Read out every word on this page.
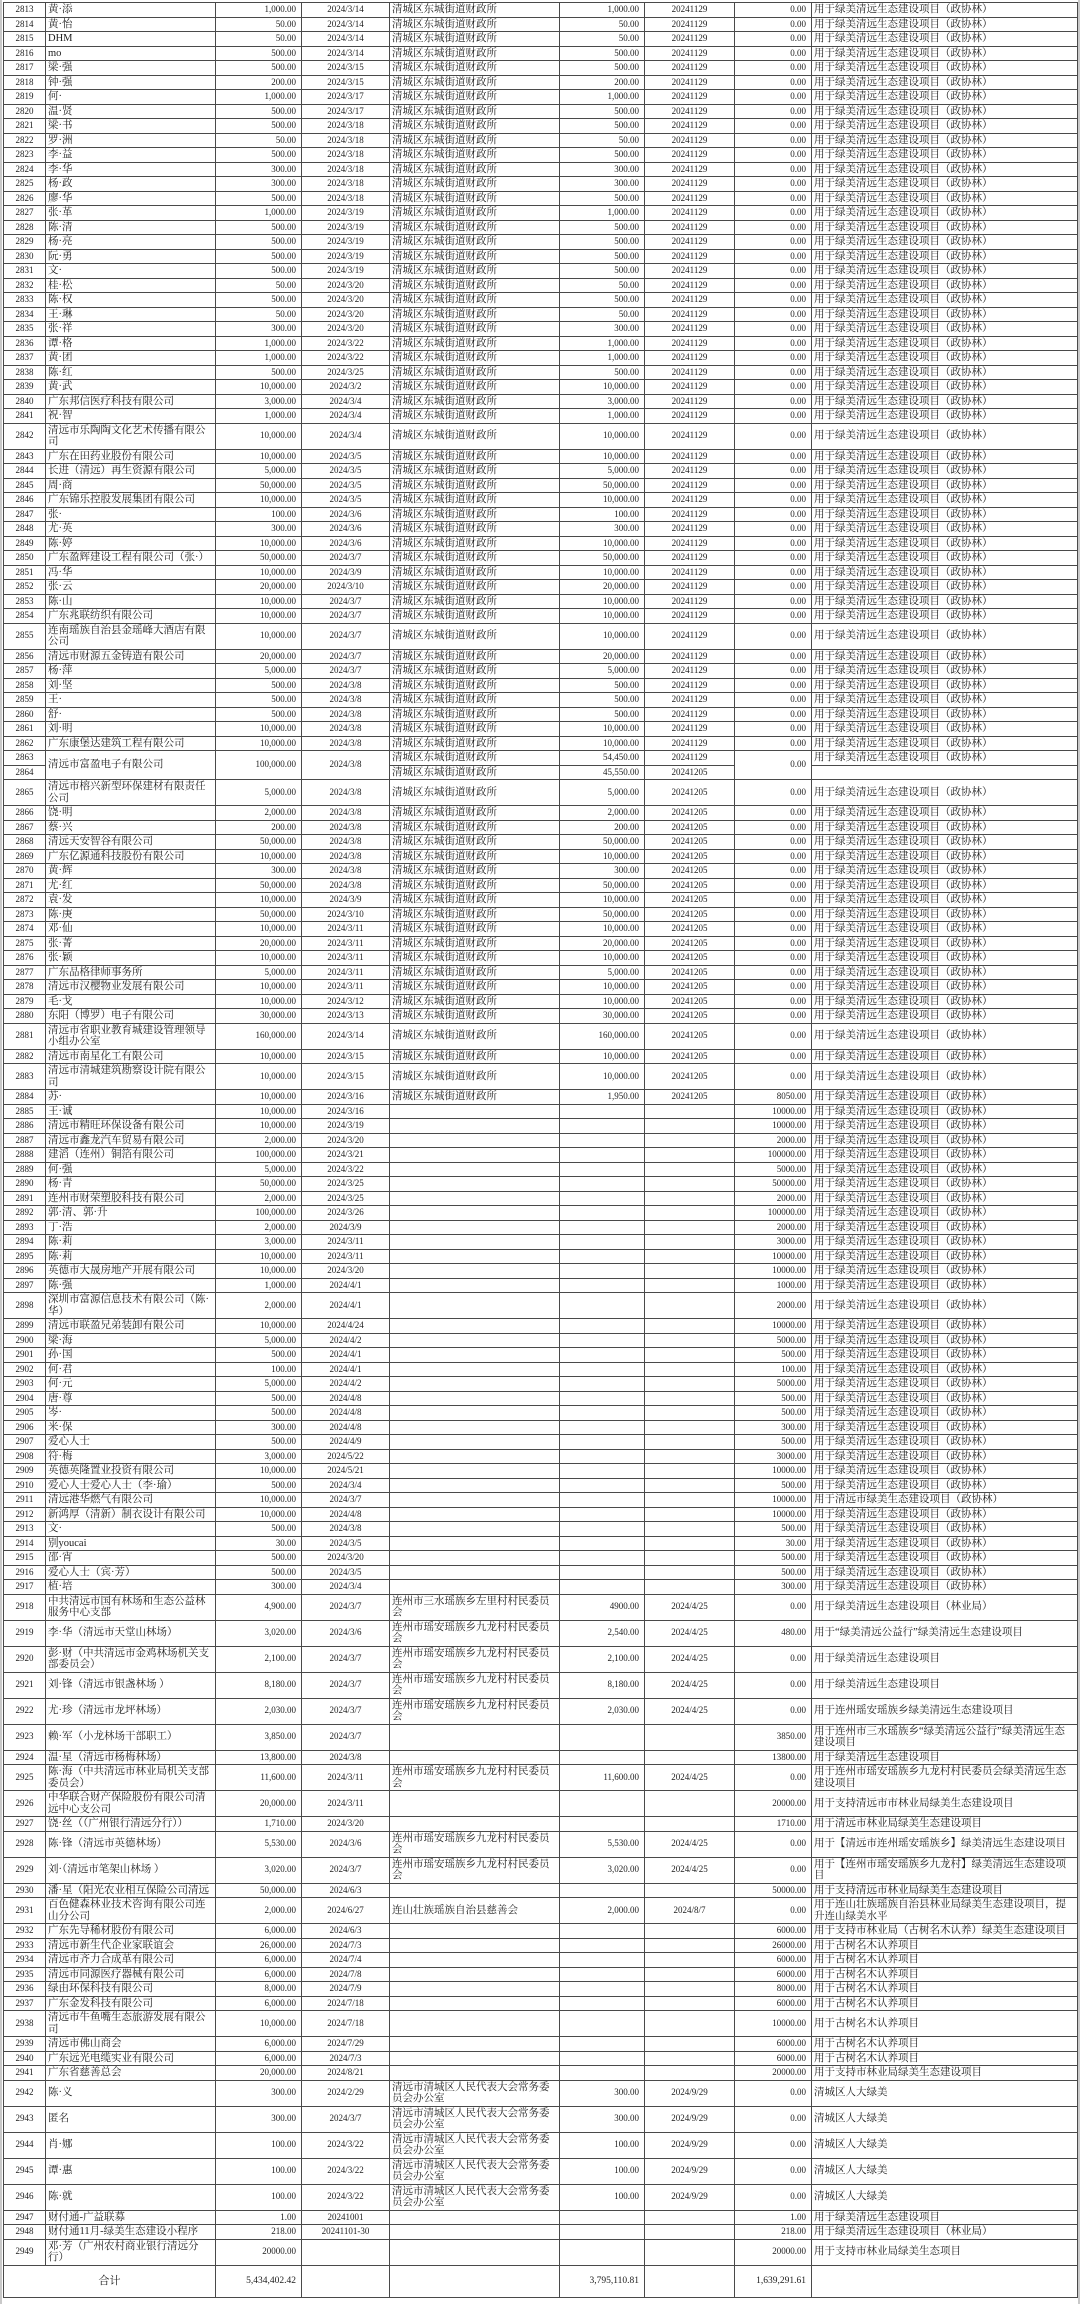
2813	黄·添	1,000.00	2024/3/14	清城区东城街道财政所	1,000.00	20241129	0.00	用于绿美清远生态建设项目（政协林）
2814	黄·怡	50.00	2024/3/14	清城区东城街道财政所	50.00	20241129	0.00	用于绿美清远生态建设项目（政协林）
2815	DHM	50.00	2024/3/14	清城区东城街道财政所	50.00	20241129	0.00	用于绿美清远生态建设项目（政协林）
2816	mo	500.00	2024/3/14	清城区东城街道财政所	500.00	20241129	0.00	用于绿美清远生态建设项目（政协林）
2817	梁·强	500.00	2024/3/15	清城区东城街道财政所	500.00	20241129	0.00	用于绿美清远生态建设项目（政协林）
2818	钟·强	200.00	2024/3/15	清城区东城街道财政所	200.00	20241129	0.00	用于绿美清远生态建设项目（政协林）
2819	何·	1,000.00	2024/3/17	清城区东城街道财政所	1,000.00	20241129	0.00	用于绿美清远生态建设项目（政协林）
2820	温·贤	500.00	2024/3/17	清城区东城街道财政所	500.00	20241129	0.00	用于绿美清远生态建设项目（政协林）
2821	梁·书	500.00	2024/3/18	清城区东城街道财政所	500.00	20241129	0.00	用于绿美清远生态建设项目（政协林）
2822	罗·洲	50.00	2024/3/18	清城区东城街道财政所	50.00	20241129	0.00	用于绿美清远生态建设项目（政协林）
2823	李·益	500.00	2024/3/18	清城区东城街道财政所	500.00	20241129	0.00	用于绿美清远生态建设项目（政协林）
2824	李·华	300.00	2024/3/18	清城区东城街道财政所	300.00	20241129	0.00	用于绿美清远生态建设项目（政协林）
2825	杨·政	300.00	2024/3/18	清城区东城街道财政所	300.00	20241129	0.00	用于绿美清远生态建设项目（政协林）
2826	廖·华	500.00	2024/3/18	清城区东城街道财政所	500.00	20241129	0.00	用于绿美清远生态建设项目（政协林）
2827	张·革	1,000.00	2024/3/19	清城区东城街道财政所	1,000.00	20241129	0.00	用于绿美清远生态建设项目（政协林）
2828	陈·清	500.00	2024/3/19	清城区东城街道财政所	500.00	20241129	0.00	用于绿美清远生态建设项目（政协林）
2829	杨·亮	500.00	2024/3/19	清城区东城街道财政所	500.00	20241129	0.00	用于绿美清远生态建设项目（政协林）
2830	阮·勇	500.00	2024/3/19	清城区东城街道财政所	500.00	20241129	0.00	用于绿美清远生态建设项目（政协林）
2831	文·	500.00	2024/3/19	清城区东城街道财政所	500.00	20241129	0.00	用于绿美清远生态建设项目（政协林）
2832	桂·松	50.00	2024/3/20	清城区东城街道财政所	50.00	20241129	0.00	用于绿美清远生态建设项目（政协林）
2833	陈·权	500.00	2024/3/20	清城区东城街道财政所	500.00	20241129	0.00	用于绿美清远生态建设项目（政协林）
2834	王·琳	50.00	2024/3/20	清城区东城街道财政所	50.00	20241129	0.00	用于绿美清远生态建设项目（政协林）
2835	张·祥	300.00	2024/3/20	清城区东城街道财政所	300.00	20241129	0.00	用于绿美清远生态建设项目（政协林）
2836	谭·格	1,000.00	2024/3/22	清城区东城街道财政所	1,000.00	20241129	0.00	用于绿美清远生态建设项目（政协林）
2837	黄·团	1,000.00	2024/3/22	清城区东城街道财政所	1,000.00	20241129	0.00	用于绿美清远生态建设项目（政协林）
2838	陈·红	500.00	2024/3/25	清城区东城街道财政所	500.00	20241129	0.00	用于绿美清远生态建设项目（政协林）
2839	黄·武	10,000.00	2024/3/2	清城区东城街道财政所	10,000.00	20241129	0.00	用于绿美清远生态建设项目（政协林）
2840	广东邦信医疗科技有限公司	3,000.00	2024/3/4	清城区东城街道财政所	3,000.00	20241129	0.00	用于绿美清远生态建设项目（政协林）
2841	祝·智	1,000.00	2024/3/4	清城区东城街道财政所	1,000.00	20241129	0.00	用于绿美清远生态建设项目（政协林）
2842	清远市乐陶陶文化艺术传播有限公司	10,000.00	2024/3/4	清城区东城街道财政所	10,000.00	20241129	0.00	用于绿美清远生态建设项目（政协林）
2843	广东在田药业股份有限公司	10,000.00	2024/3/5	清城区东城街道财政所	10,000.00	20241129	0.00	用于绿美清远生态建设项目（政协林）
2844	长进（清远）再生资源有限公司	5,000.00	2024/3/5	清城区东城街道财政所	5,000.00	20241129	0.00	用于绿美清远生态建设项目（政协林）
2845	周·商	50,000.00	2024/3/5	清城区东城街道财政所	50,000.00	20241129	0.00	用于绿美清远生态建设项目（政协林）
2846	广东锦乐控股发展集团有限公司	10,000.00	2024/3/5	清城区东城街道财政所	10,000.00	20241129	0.00	用于绿美清远生态建设项目（政协林）
2847	张·	100.00	2024/3/6	清城区东城街道财政所	100.00	20241129	0.00	用于绿美清远生态建设项目（政协林）
2848	尤·英	300.00	2024/3/6	清城区东城街道财政所	300.00	20241129	0.00	用于绿美清远生态建设项目（政协林）
2849	陈·婷	10,000.00	2024/3/6	清城区东城街道财政所	10,000.00	20241129	0.00	用于绿美清远生态建设项目（政协林）
2850	广东盈辉建设工程有限公司（张·）	50,000.00	2024/3/7	清城区东城街道财政所	50,000.00	20241129	0.00	用于绿美清远生态建设项目（政协林）
2851	冯·华	10,000.00	2024/3/9	清城区东城街道财政所	10,000.00	20241129	0.00	用于绿美清远生态建设项目（政协林）
2852	张·云	20,000.00	2024/3/10	清城区东城街道财政所	20,000.00	20241129	0.00	用于绿美清远生态建设项目（政协林）
2853	陈·山	10,000.00	2024/3/7	清城区东城街道财政所	10,000.00	20241129	0.00	用于绿美清远生态建设项目（政协林）
2854	广东兆联纺织有限公司	10,000.00	2024/3/7	清城区东城街道财政所	10,000.00	20241129	0.00	用于绿美清远生态建设项目（政协林）
2855	连南瑶族自治县金瑶峰大酒店有限公司	10,000.00	2024/3/7	清城区东城街道财政所	10,000.00	20241129	0.00	用于绿美清远生态建设项目（政协林）
2856	清远市财源五金铸造有限公司	20,000.00	2024/3/7	清城区东城街道财政所	20,000.00	20241129	0.00	用于绿美清远生态建设项目（政协林）
2857	杨·萍	5,000.00	2024/3/7	清城区东城街道财政所	5,000.00	20241129	0.00	用于绿美清远生态建设项目（政协林）
2858	刘·坚	500.00	2024/3/8	清城区东城街道财政所	500.00	20241129	0.00	用于绿美清远生态建设项目（政协林）
2859	王·	500.00	2024/3/8	清城区东城街道财政所	500.00	20241129	0.00	用于绿美清远生态建设项目（政协林）
2860	舒·	500.00	2024/3/8	清城区东城街道财政所	500.00	20241129	0.00	用于绿美清远生态建设项目（政协林）
2861	刘·明	10,000.00	2024/3/8	清城区东城街道财政所	10,000.00	20241129	0.00	用于绿美清远生态建设项目（政协林）
2862	广东康堡达建筑工程有限公司	10,000.00	2024/3/8	清城区东城街道财政所	10,000.00	20241129	0.00	用于绿美清远生态建设项目（政协林）
2863	清远市富盈电子有限公司	100,000.00	2024/3/8	清城区东城街道财政所	54,450.00	20241129	0.00	用于绿美清远生态建设项目（政协林）
2864				清城区东城街道财政所	45,550.00	20241205		
2865	清远市榕兴新型环保建材有限责任公司	5,000.00	2024/3/8	清城区东城街道财政所	5,000.00	20241205	0.00	用于绿美清远生态建设项目（政协林）
2866	饶·明	2,000.00	2024/3/8	清城区东城街道财政所	2,000.00	20241205	0.00	用于绿美清远生态建设项目（政协林）
2867	蔡·兴	200.00	2024/3/8	清城区东城街道财政所	200.00	20241205	0.00	用于绿美清远生态建设项目（政协林）
2868	清远天安智谷有限公司	50,000.00	2024/3/8	清城区东城街道财政所	50,000.00	20241205	0.00	用于绿美清远生态建设项目（政协林）
2869	广东亿源通科技股份有限公司	10,000.00	2024/3/8	清城区东城街道财政所	10,000.00	20241205	0.00	用于绿美清远生态建设项目（政协林）
2870	黄·辉	300.00	2024/3/8	清城区东城街道财政所	300.00	20241205	0.00	用于绿美清远生态建设项目（政协林）
2871	尤·红	50,000.00	2024/3/8	清城区东城街道财政所	50,000.00	20241205	0.00	用于绿美清远生态建设项目（政协林）
2872	袁·发	10,000.00	2024/3/9	清城区东城街道财政所	10,000.00	20241205	0.00	用于绿美清远生态建设项目（政协林）
2873	陈·庚	50,000.00	2024/3/10	清城区东城街道财政所	50,000.00	20241205	0.00	用于绿美清远生态建设项目（政协林）
2874	邓·仙	10,000.00	2024/3/11	清城区东城街道财政所	10,000.00	20241205	0.00	用于绿美清远生态建设项目（政协林）
2875	张·菁	20,000.00	2024/3/11	清城区东城街道财政所	20,000.00	20241205	0.00	用于绿美清远生态建设项目（政协林）
2876	张·颖	10,000.00	2024/3/11	清城区东城街道财政所	10,000.00	20241205	0.00	用于绿美清远生态建设项目（政协林）
2877	广东品格律师事务所	5,000.00	2024/3/11	清城区东城街道财政所	5,000.00	20241205	0.00	用于绿美清远生态建设项目（政协林）
2878	清远市汉樱物业发展有限公司	10,000.00	2024/3/11	清城区东城街道财政所	10,000.00	20241205	0.00	用于绿美清远生态建设项目（政协林）
2879	毛·戈	10,000.00	2024/3/12	清城区东城街道财政所	10,000.00	20241205	0.00	用于绿美清远生态建设项目（政协林）
2880	东阳（博罗）电子有限公司	30,000.00	2024/3/13	清城区东城街道财政所	30,000.00	20241205	0.00	用于绿美清远生态建设项目（政协林）
2881	清远市省职业教育城建设管理领导小组办公室	160,000.00	2024/3/14	清城区东城街道财政所	160,000.00	20241205	0.00	用于绿美清远生态建设项目（政协林）
2882	清远市南星化工有限公司	10,000.00	2024/3/15	清城区东城街道财政所	10,000.00	20241205	0.00	用于绿美清远生态建设项目（政协林）
2883	清远市清城建筑勘察设计院有限公司	10,000.00	2024/3/15	清城区东城街道财政所	10,000.00	20241205	0.00	用于绿美清远生态建设项目（政协林）
2884	苏·	10,000.00	2024/3/16	清城区东城街道财政所	1,950.00	20241205	8050.00	用于绿美清远生态建设项目（政协林）
2885	王·诚	10,000.00	2024/3/16				10000.00	用于绿美清远生态建设项目（政协林）
2886	清远市精旺环保设备有限公司	10,000.00	2024/3/19				10000.00	用于绿美清远生态建设项目（政协林）
2887	清远市鑫龙汽车贸易有限公司	2,000.00	2024/3/20				2000.00	用于绿美清远生态建设项目（政协林）
2888	建滔（连州）铜箔有限公司	100,000.00	2024/3/21				100000.00	用于绿美清远生态建设项目（政协林）
2889	何·强	5,000.00	2024/3/22				5000.00	用于绿美清远生态建设项目（政协林）
2890	杨·青	50,000.00	2024/3/25				50000.00	用于绿美清远生态建设项目（政协林）
2891	连州市财荣塑胶科技有限公司	2,000.00	2024/3/25				2000.00	用于绿美清远生态建设项目（政协林）
2892	郭·清、郭·升	100,000.00	2024/3/26				100000.00	用于绿美清远生态建设项目（政协林）
2893	丁·浩	2,000.00	2024/3/9				2000.00	用于绿美清远生态建设项目（政协林）
2894	陈·莉	3,000.00	2024/3/11				3000.00	用于绿美清远生态建设项目（政协林）
2895	陈·莉	10,000.00	2024/3/11				10000.00	用于绿美清远生态建设项目（政协林）
2896	英德市大晟房地产开展有限公司	10,000.00	2024/3/20				10000.00	用于绿美清远生态建设项目（政协林）
2897	陈·强	1,000.00	2024/4/1				1000.00	用于绿美清远生态建设项目（政协林）
2898	深圳市富源信息技术有限公司（陈·华）	2,000.00	2024/4/1				2000.00	用于绿美清远生态建设项目（政协林）
2899	清远市联盈兄弟装卸有限公司	10,000.00	2024/4/24				10000.00	用于绿美清远生态建设项目（政协林）
2900	梁·海	5,000.00	2024/4/2				5000.00	用于绿美清远生态建设项目（政协林）
2901	孙·国	500.00	2024/4/1				500.00	用于绿美清远生态建设项目（政协林）
2902	何·君	100.00	2024/4/1				100.00	用于绿美清远生态建设项目（政协林）
2903	何·元	5,000.00	2024/4/2				5000.00	用于绿美清远生态建设项目（政协林）
2904	唐·尊	500.00	2024/4/8				500.00	用于绿美清远生态建设项目（政协林）
2905	岑·	500.00	2024/4/8				500.00	用于绿美清远生态建设项目（政协林）
2906	米·保	300.00	2024/4/8				300.00	用于绿美清远生态建设项目（政协林）
2907	爱心人士	500.00	2024/4/9				500.00	用于绿美清远生态建设项目（政协林）
2908	符·梅	3,000.00	2024/5/22				3000.00	用于绿美清远生态建设项目（政协林）
2909	英德英隆置业投资有限公司	10,000.00	2024/5/21				10000.00	用于绿美清远生态建设项目（政协林）
2910	爱心人士爱心人士（李·瑜）	500.00	2024/3/4				500.00	用于绿美清远生态建设项目（政协林）
2911	清远港华燃气有限公司	10,000.00	2024/3/7				10000.00	用于清远市绿美生态建设项目（政协林）
2912	新鸿厚（清新）制衣设计有限公司	10,000.00	2024/4/8				10000.00	用于绿美清远生态建设项目（政协林）
2913	文·	500.00	2024/3/8				500.00	用于绿美清远生态建设项目（政协林）
2914	别youcai	30.00	2024/3/5				30.00	用于绿美清远生态建设项目（政协林）
2915	邵·宵	500.00	2024/3/20				500.00	用于绿美清远生态建设项目（政协林）
2916	爱心人士（宾·芳）	500.00	2024/3/5				500.00	用于绿美清远生态建设项目（政协林）
2917	植·培	300.00	2024/3/4				300.00	用于绿美清远生态建设项目（政协林）
2918	中共清远市国有林场和生态公益林服务中心支部	4,900.00	2024/3/7	连州市三水瑶族乡左里村村民委员会	4900.00	2024/4/25	0.00	用于绿美清远生态建设项目（林业局）
2919	李·华（清远市天堂山林场）	3,020.00	2024/3/6	连州市瑶安瑶族乡九龙村村民委员会	2,540.00	2024/4/25	480.00	用于“绿美清远公益行”绿美清远生态建设项目
2920	彭·财（中共清远市金鸡林场机关支部委员会）	2,100.00	2024/3/7	连州市瑶安瑶族乡九龙村村民委员会	2,100.00	2024/4/25	0.00	用于绿美清远生态建设项目
2921	刘·锋（清远市银盏林场 ）	8,180.00	2024/3/7	连州市瑶安瑶族乡九龙村村民委员会	8,180.00	2024/4/25	0.00	用于绿美清远生态建设项目
2922	尤·珍（清远市龙坪林场）	2,030.00	2024/3/7	连州市瑶安瑶族乡九龙村村民委员会	2,030.00	2024/4/25	0.00	用于连州瑶安瑶族乡绿美清远生态建设项目
2923	赖·军（小龙林场干部职工）	3,850.00	2024/3/7				3850.00	用于连州市三水瑶族乡“绿美清远公益行”绿美清远生态建设项目
2924	温·星（清远市杨梅林场）	13,800.00	2024/3/8				13800.00	用于绿美清远生态建设项目
2925	陈·海（中共清远市林业局机关支部委员会）	11,600.00	2024/3/11	连州市瑶安瑶族乡九龙村村民委员会	11,600.00	2024/4/25	0.00	用于连州市瑶安瑶族乡九龙村村民委员会绿美清远生态建设项目
2926	中华联合财产保险股份有限公司清远中心支公司	20,000.00	2024/3/11				20000.00	用于支持清远市市林业局绿美生态建设项目
2927	饶·丝（（广州银行清远分行））	1,710.00	2024/3/20				1710.00	用于清远市林业局绿美生态建设项目
2928	陈·锋（清远市英德林场）	5,530.00	2024/3/6	连州市瑶安瑶族乡九龙村村民委员会	5,530.00	2024/4/25	0.00	用于【清远市连州瑶安瑶族乡】绿美清远生态建设项目
2929	刘·（清远市笔架山林场 ）	3,020.00	2024/3/7	连州市瑶安瑶族乡九龙村村民委员会	3,020.00	2024/4/25	0.00	用于【连州市瑶安瑶族乡九龙村】绿美清远生态建设项目
2930	潘·星（阳光农业相互保险公司清远	50,000.00	2024/6/3				50000.00	用于支持清远市林业局绿美生态建设项目
2931	百色健森林业技术咨询有限公司连山分公司	2,000.00	2024/6/27	连山壮族瑶族自治县慈善会	2,000.00	2024/8/7	0.00	用于连山壮族瑶族自治县林业局绿美生态建设项目，提升连山绿美水平
2932	广东先导稀材股份有限公司	6,000.00	2024/6/3				6000.00	用于支持市林业局（古树名木认养）绿美生态建设项目
2933	清远市新生代企业家联谊会	26,000.00	2024/7/3				26000.00	用于古树名木认养项目
2934	清远市齐力合成革有限公司	6,000.00	2024/7/4				6000.00	用于古树名木认养项目
2935	清远市同源医疗器械有限公司	6,000.00	2024/7/8				6000.00	用于古树名木认养项目
2936	绿由环保科技有限公司	8,000.00	2024/7/9				8000.00	用于古树名木认养项目
2937	广东金发科技有限公司	6,000.00	2024/7/18				6000.00	用于古树名木认养项目
2938	清远市牛鱼嘴生态旅游发展有限公司	10,000.00	2024/7/18				10000.00	用于古树名木认养项目
2939	清远市佛山商会	6,000.00	2024/7/29				6000.00	用于古树名木认养项目
2940	广东远光电缆实业有限公司	6,000.00	2024/7/3				6000.00	用于古树名木认养项目
2941	广东省慈善总会	20,000.00	2024/8/21				20000.00	用于支持市林业局绿美生态建设项目
2942	陈·义	300.00	2024/2/29	清远市清城区人民代表大会常务委员会办公室	300.00	2024/9/29	0.00	清城区人大绿美
2943	匿名	300.00	2024/3/7	清远市清城区人民代表大会常务委员会办公室	300.00	2024/9/29	0.00	清城区人大绿美
2944	肖·娜	100.00	2024/3/22	清远市清城区人民代表大会常务委员会办公室	100.00	2024/9/29	0.00	清城区人大绿美
2945	谭·惠	100.00	2024/3/22	清远市清城区人民代表大会常务委员会办公室	100.00	2024/9/29	0.00	清城区人大绿美
2946	陈·就	100.00	2024/3/22	清远市清城区人民代表大会常务委员会办公室	100.00	2024/9/29	0.00	清城区人大绿美
2947	财付通-广益联募	1.00	20241001				1.00	用于绿美清远生态建设项目
2948	财付通11月-绿美生态建设小程序	218.00	20241101-30				218.00	用于绿美清远生态建设项目（林业局）
2949	邓·芳（广州农村商业银行清远分行）	20000.00					20000.00	用于支持市林业局绿美生态项目
合计		5,434,402.42			3,795,110.81		1,639,291.61	
